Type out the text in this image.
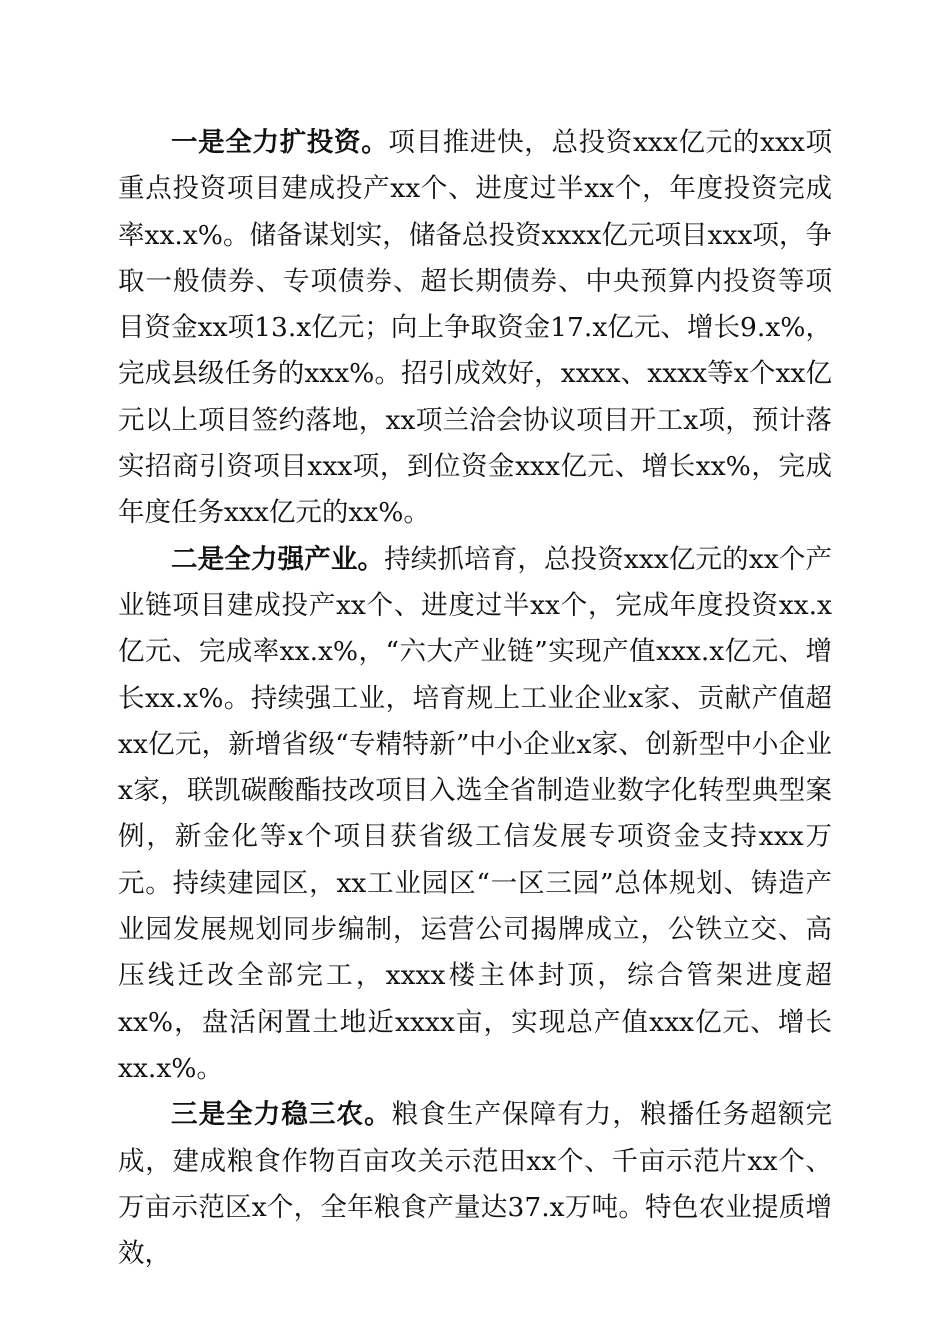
一是全力扩投资。项目推进快，总投资xxx亿元的xxx项重点投资项目建成投产xx个、进度过半xx个，年度投资完成率xx.x%。储备谋划实，储备总投资xxxx亿元项目xxx项，争取一般债券、专项债券、超长期债券、中央预算内投资等项目资金xx项13.x亿元；向上争取资金17.x亿元、增长9.x%，完成县级任务的xxx%。招引成效好，xxxx、xxxx等x个xx亿元以上项目签约落地，xx项兰洽会协议项目开工x项，预计落实招商引资项目xxx项，到位资金xxx亿元、增长xx%，完成年度任务xxx亿元的xx%。

二是全力强产业。持续抓培育，总投资xxx亿元的xx个产业链项目建成投产xx个、进度过半xx个，完成年度投资xx.x亿元、完成率xx.x%，“六大产业链”实现产值xxx.x亿元、增长xx.x%。持续强工业，培育规上工业企业x家、贡献产值超xx亿元，新增省级“专精特新”中小企业x家、创新型中小企业x家，联凯碳酸酯技改项目入选全省制造业数字化转型典型案例，新金化等x个项目获省级工信发展专项资金支持xxx万元。持续建园区，xx工业园区“一区三园”总体规划、铸造产业园发展规划同步编制，运营公司揭牌成立，公铁立交、高压线迁改全部完工，xxxx楼主体封顶，综合管架进度超xx%，盘活闲置土地近xxxx亩，实现总产值xxx亿元、增长xx.x%。

三是全力稳三农。粮食生产保障有力，粮播任务超额完成，建成粮食作物百亩攻关示范田xx个、千亩示范片xx个、万亩示范区x个，全年粮食产量达37.x万吨。特色农业提质增效，
